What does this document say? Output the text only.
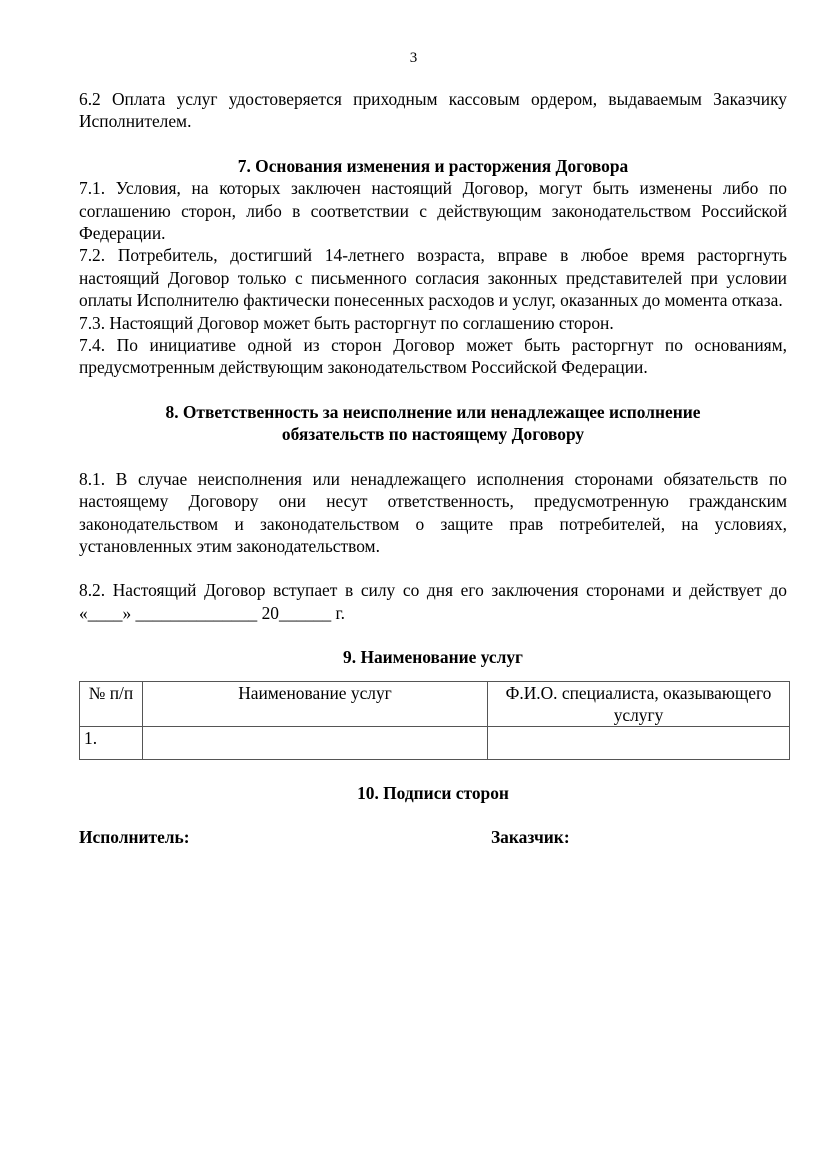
3

6.2 Оплата услуг удостоверяется приходным кассовым ордером, выдаваемым Заказчику Исполнителем.

7. Основания изменения и расторжения Договора

7.1. Условия, на которых заключен настоящий Договор, могут быть изменены либо по соглашению сторон, либо в соответствии с действующим законодательством Российской Федерации.

7.2. Потребитель, достигший 14-летнего возраста, вправе в любое время расторгнуть настоящий Договор только с письменного согласия законных представителей при условии оплаты Исполнителю фактически понесенных расходов и услуг, оказанных до момента отказа.

7.3. Настоящий Договор может быть расторгнут по соглашению сторон.

7.4. По инициативе одной из сторон Договор может быть расторгнут по основаниям, предусмотренным действующим законодательством Российской Федерации.

8. Ответственность за неисполнение или ненадлежащее исполнение
обязательств по настоящему Договору

8.1. В случае неисполнения или ненадлежащего исполнения сторонами обязательств по настоящему Договору они несут ответственность, предусмотренную гражданским законодательством и законодательством о защите прав потребителей, на условиях, установленных этим законодательством.

8.2. Настоящий Договор вступает в силу со дня его заключения сторонами и действует до «____» ______________ 20______ г.

9. Наименование услуг

№ п/п	Наименование услуг	Ф.И.О. специалиста, оказывающего услугу
1.		

10. Подписи сторон

Исполнитель:	Заказчик:
